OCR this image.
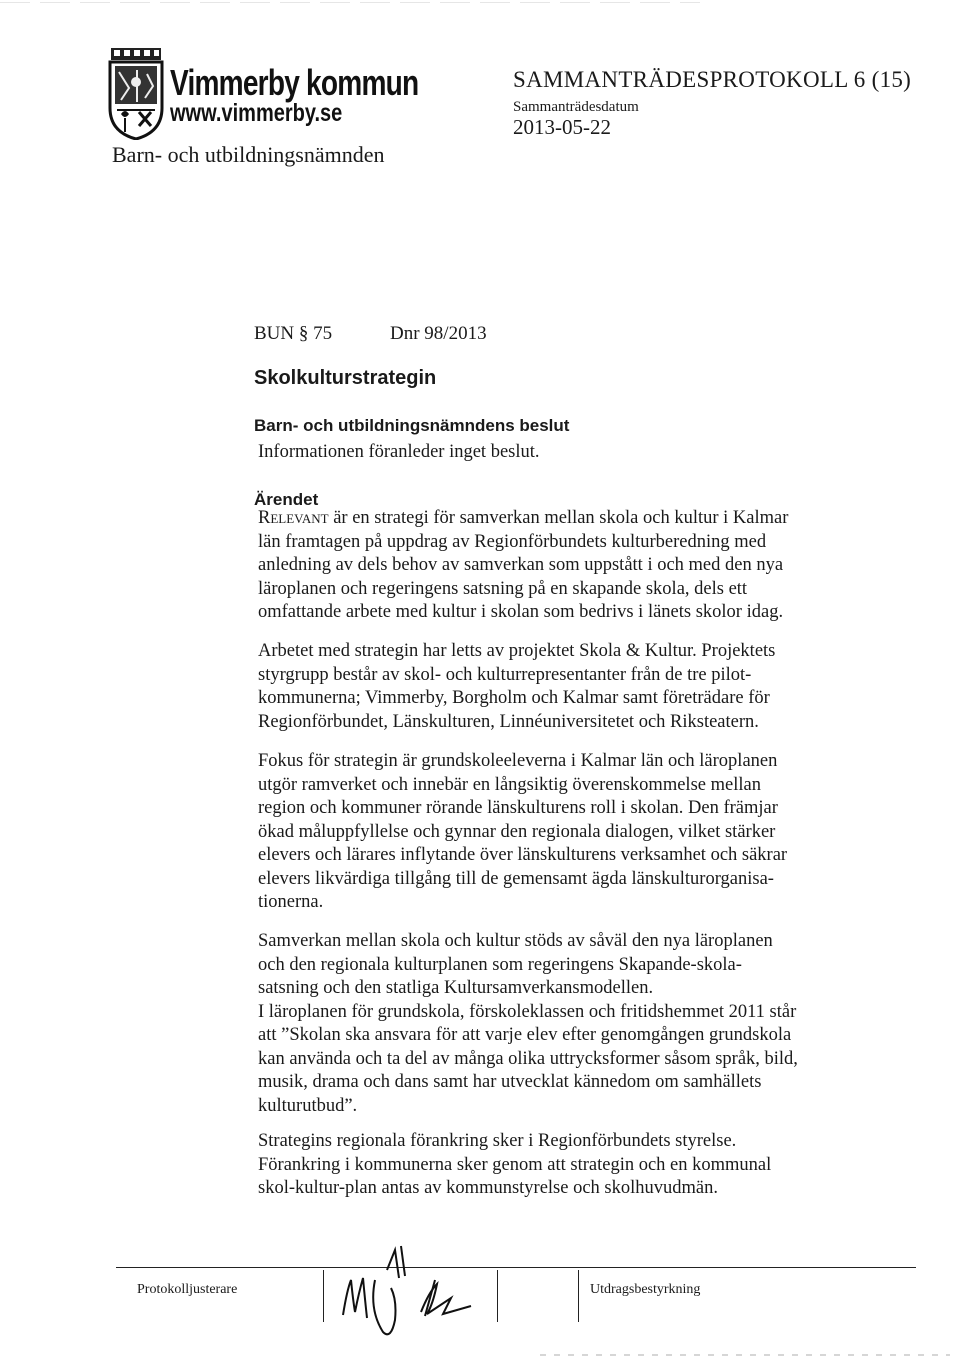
Vimmerby kommun
www.vimmerby.se
Barn- och utbildningsnämnden
SAMMANTRÄDESPROTOKOLL 6 (15)
Sammanträdesdatum
2013-05-22
BUN § 75	Dnr 98/2013
Skolkulturstrategin
Barn- och utbildningsnämndens beslut
Informationen föranleder inget beslut.
Ärendet
Relevant är en strategi för samverkan mellan skola och kultur i Kalmar
län framtagen på uppdrag av Regionförbundets kulturberedning med
anledning av dels behov av samverkan som uppstått i och med den nya
läroplanen och regeringens satsning på en skapande skola, dels ett
omfattande arbete med kultur i skolan som bedrivs i länets skolor idag.
Arbetet med strategin har letts av projektet Skola & Kultur. Projektets
styrgrupp består av skol- och kulturrepresentanter från de tre pilot-
kommunerna; Vimmerby, Borgholm och Kalmar samt företrädare för
Regionförbundet, Länskulturen, Linnéuniversitetet och Riksteatern.
Fokus för strategin är grundskoleeleverna i Kalmar län och läroplanen
utgör ramverket och innebär en långsiktig överenskommelse mellan
region och kommuner rörande länskulturens roll i skolan. Den främjar
ökad måluppfyllelse och gynnar den regionala dialogen, vilket stärker
elevers och lärares inflytande över länskulturens verksamhet och säkrar
elevers likvärdiga tillgång till de gemensamt ägda länskulturorganisa-
tionerna.
Samverkan mellan skola och kultur stöds av såväl den nya läroplanen
och den regionala kulturplanen som regeringens Skapande-skola-
satsning och den statliga Kultursamverkansmodellen.
I läroplanen för grundskola, förskoleklassen och fritidshemmet 2011 står
att ”Skolan ska ansvara för att varje elev efter genomgången grundskola
kan använda och ta del av många olika uttrycksformer såsom språk, bild,
musik, drama och dans samt har utvecklat kännedom om samhällets
kulturutbud”.
Strategins regionala förankring sker i Regionförbundets styrelse.
Förankring i kommunerna sker genom att strategin och en kommunal
skol-kultur-plan antas av kommunstyrelse och skolhuvudmän.
Protokolljusterare	Utdragsbestyrkning
